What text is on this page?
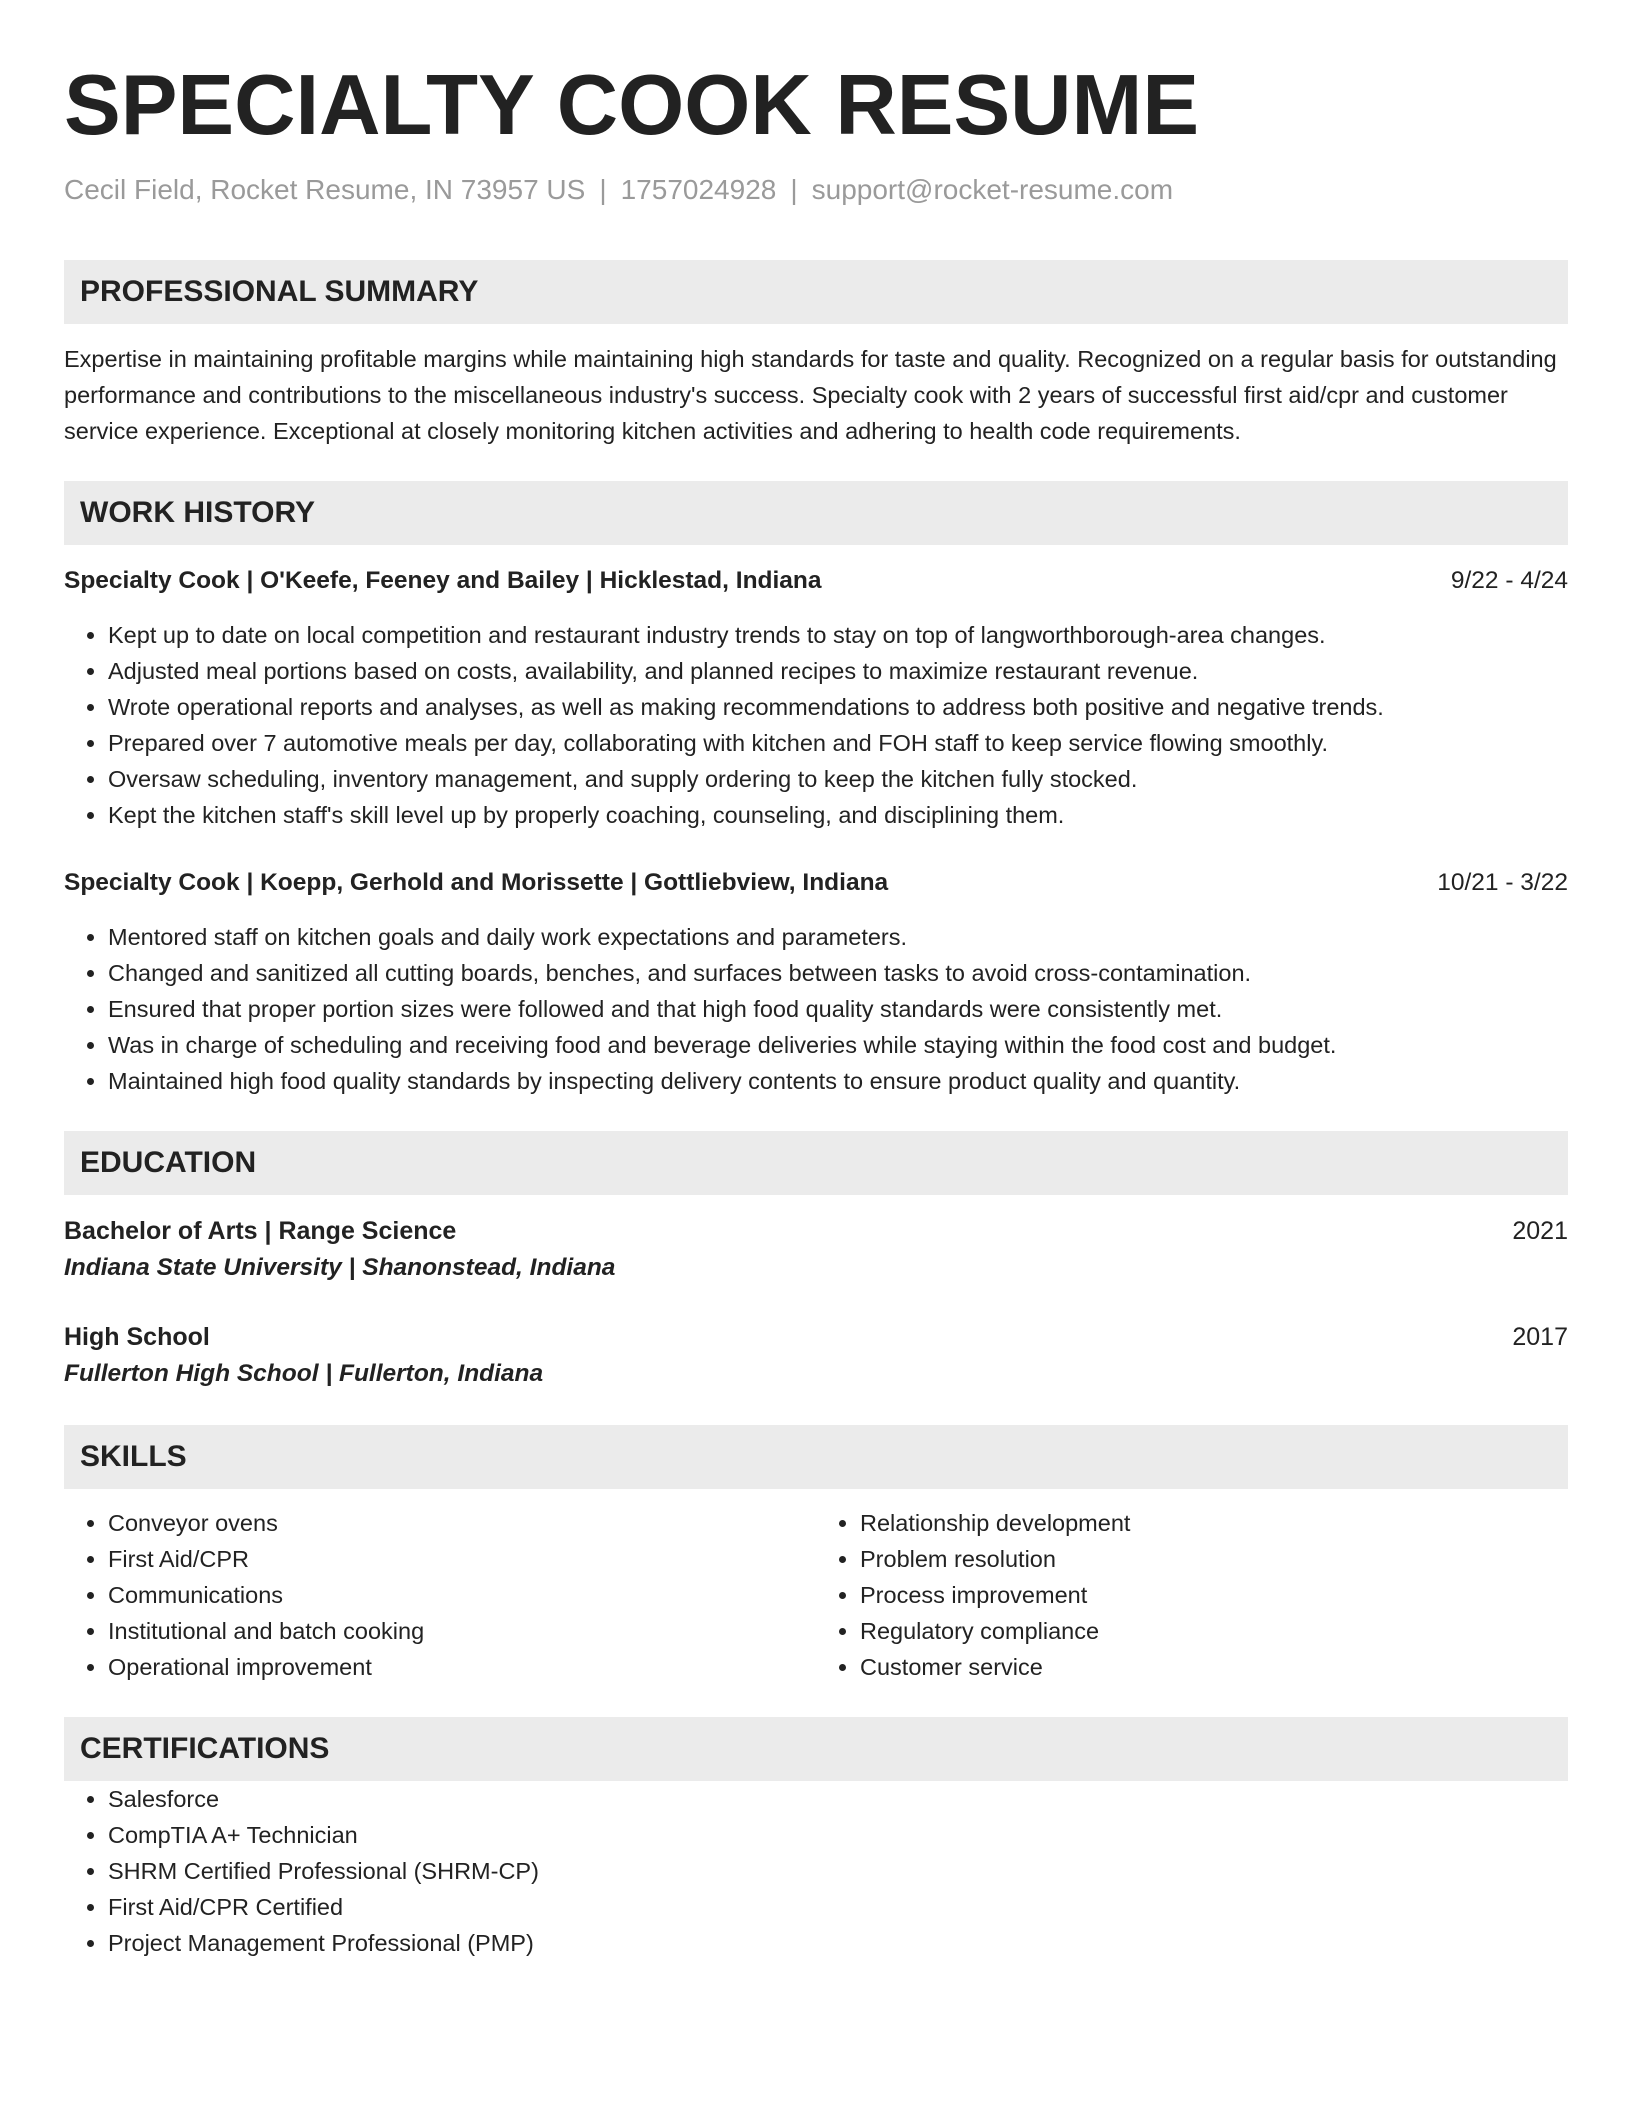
SPECIALTY COOK RESUME
Cecil Field, Rocket Resume, IN 73957 US | 1757024928 | support@rocket-resume.com
PROFESSIONAL SUMMARY
Expertise in maintaining profitable margins while maintaining high standards for taste and quality. Recognized on a regular basis for outstanding performance and contributions to the miscellaneous industry's success. Specialty cook with 2 years of successful first aid/cpr and customer service experience. Exceptional at closely monitoring kitchen activities and adhering to health code requirements.
WORK HISTORY
Specialty Cook | O'Keefe, Feeney and Bailey | Hicklestad, Indiana	9/22 - 4/24
• Kept up to date on local competition and restaurant industry trends to stay on top of langworthborough-area changes.
• Adjusted meal portions based on costs, availability, and planned recipes to maximize restaurant revenue.
• Wrote operational reports and analyses, as well as making recommendations to address both positive and negative trends.
• Prepared over 7 automotive meals per day, collaborating with kitchen and FOH staff to keep service flowing smoothly.
• Oversaw scheduling, inventory management, and supply ordering to keep the kitchen fully stocked.
• Kept the kitchen staff's skill level up by properly coaching, counseling, and disciplining them.
Specialty Cook | Koepp, Gerhold and Morissette | Gottliebview, Indiana	10/21 - 3/22
• Mentored staff on kitchen goals and daily work expectations and parameters.
• Changed and sanitized all cutting boards, benches, and surfaces between tasks to avoid cross-contamination.
• Ensured that proper portion sizes were followed and that high food quality standards were consistently met.
• Was in charge of scheduling and receiving food and beverage deliveries while staying within the food cost and budget.
• Maintained high food quality standards by inspecting delivery contents to ensure product quality and quantity.
EDUCATION
Bachelor of Arts | Range Science	2021
Indiana State University | Shanonstead, Indiana
High School	2017
Fullerton High School | Fullerton, Indiana
SKILLS
• Conveyor ovens
• First Aid/CPR
• Communications
• Institutional and batch cooking
• Operational improvement
• Relationship development
• Problem resolution
• Process improvement
• Regulatory compliance
• Customer service
CERTIFICATIONS
• Salesforce
• CompTIA A+ Technician
• SHRM Certified Professional (SHRM-CP)
• First Aid/CPR Certified
• Project Management Professional (PMP)
